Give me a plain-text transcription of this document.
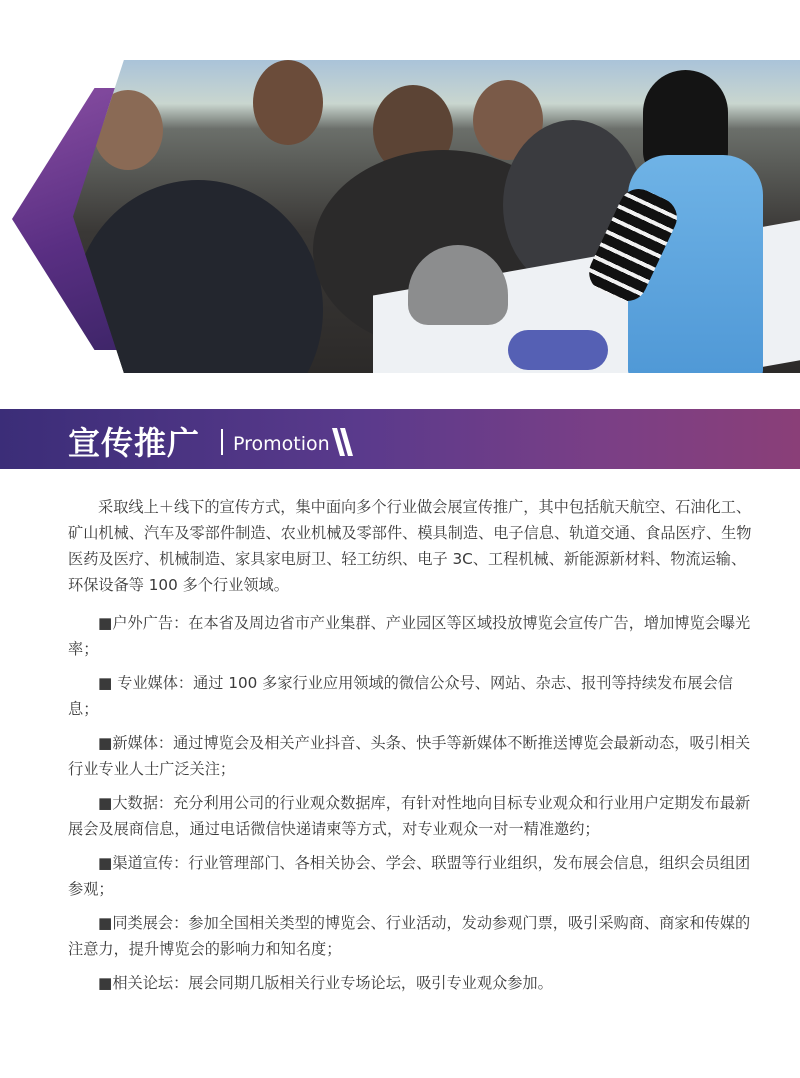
宣传推广 Promotion

采取线上＋线下的宣传方式，集中面向多个行业做会展宣传推广，其中包括航天航空、石油化工、矿山机械、汽车及零部件制造、农业机械及零部件、模具制造、电子信息、轨道交通、食品医疗、生物医药及医疗、机械制造、家具家电厨卫、轻工纺织、电子 3C、工程机械、新能源新材料、物流运输、环保设备等 100 多个行业领域。

■户外广告：在本省及周边省市产业集群、产业园区等区域投放博览会宣传广告，增加博览会曝光率；

■ 专业媒体：通过 100 多家行业应用领域的微信公众号、网站、杂志、报刊等持续发布展会信息；

■新媒体：通过博览会及相关产业抖音、头条、快手等新媒体不断推送博览会最新动态，吸引相关行业专业人士广泛关注；

■大数据：充分利用公司的行业观众数据库，有针对性地向目标专业观众和行业用户定期发布最新展会及展商信息，通过电话微信快递请柬等方式，对专业观众一对一精准邀约；

■渠道宣传：行业管理部门、各相关协会、学会、联盟等行业组织，发布展会信息，组织会员组团参观；

■同类展会：参加全国相关类型的博览会、行业活动，发动参观门票，吸引采购商、商家和传媒的注意力，提升博览会的影响力和知名度；

■相关论坛：展会同期几版相关行业专场论坛，吸引专业观众参加。
